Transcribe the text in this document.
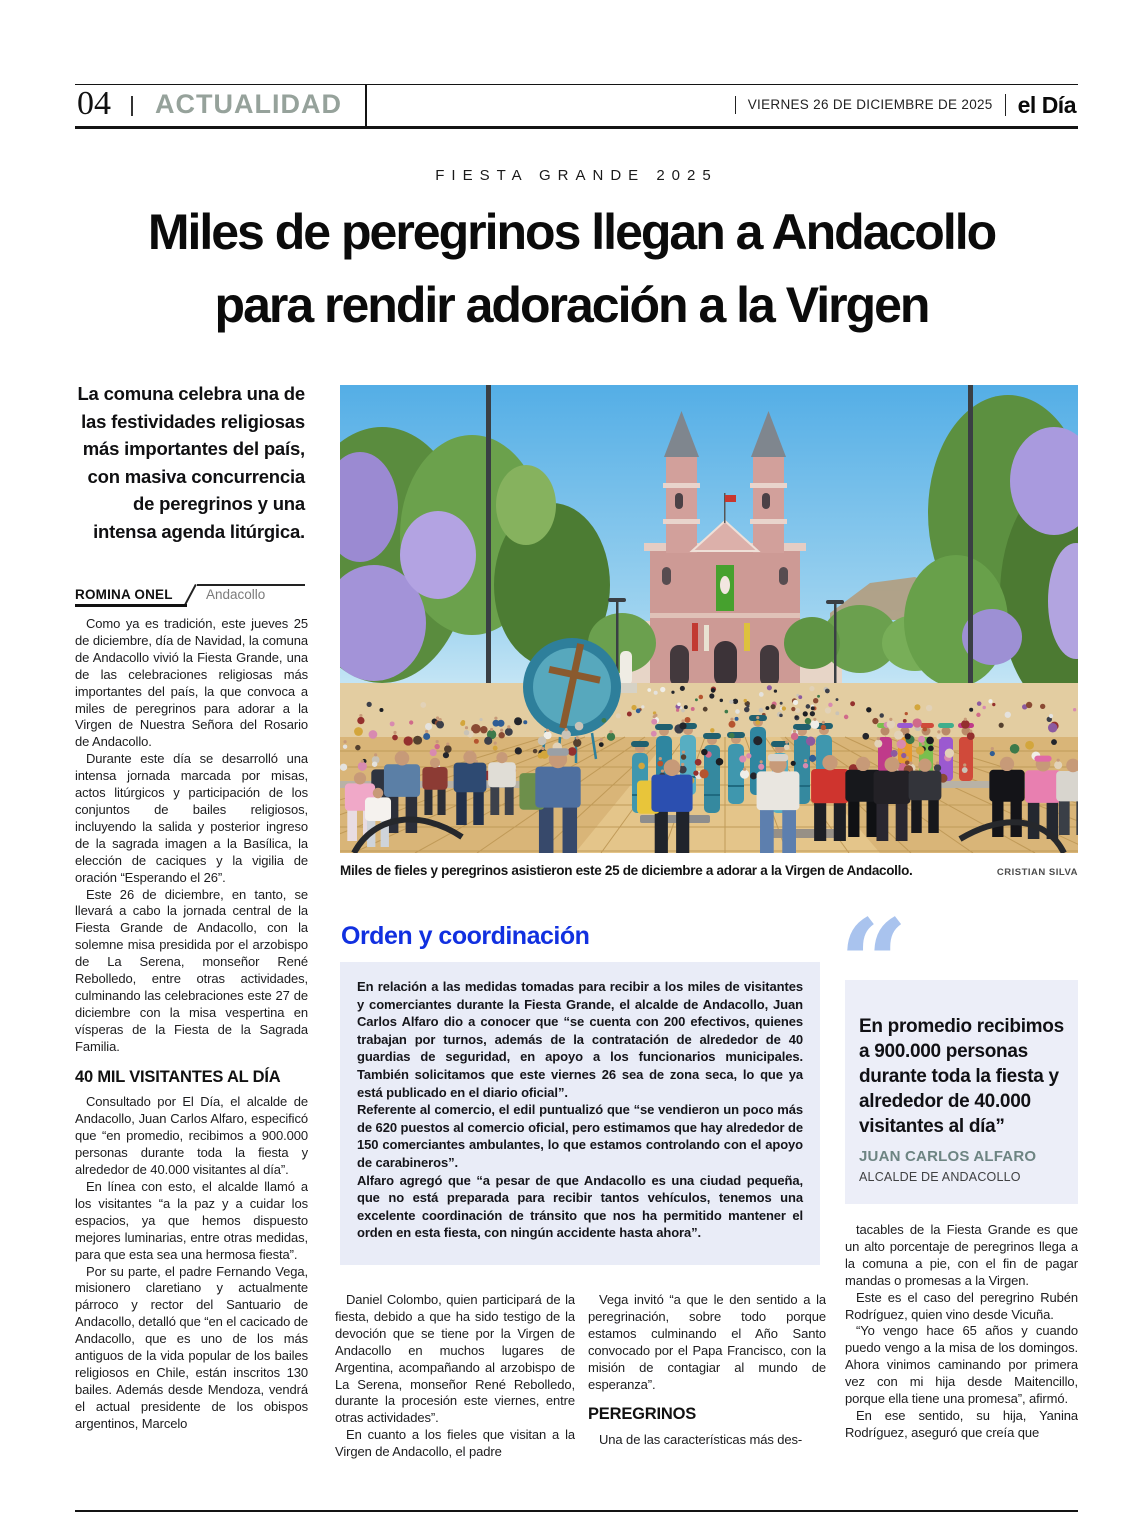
04 ACTUALIDAD	VIERNES 26 DE DICIEMBRE DE 2025	el Día
FIESTA GRANDE 2025
Miles de peregrinos llegan a Andacollo
para rendir adoración a la Virgen
La comuna celebra una de las festividades religiosas más importantes del país, con masiva concurrencia de peregrinos y una intensa agenda litúrgica.
ROMINA ONEL Andacollo

Como ya es tradición, este jueves 25 de diciembre, día de Navidad, la comuna de Andacollo vivió la Fiesta Grande, una de las celebraciones religiosas más importantes del país, la que convoca a miles de peregrinos para adorar a la Virgen de Nuestra Señora del Rosario de Andacollo.

Durante este día se desarrolló una intensa jornada marcada por misas, actos litúrgicos y participación de los conjuntos de bailes religiosos, incluyendo la salida y posterior ingreso de la sagrada imagen a la Basílica, la elección de caciques y la vigilia de oración “Esperando el 26”.

Este 26 de diciembre, en tanto, se llevará a cabo la jornada central de la Fiesta Grande de Andacollo, con la solemne misa presidida por el arzobispo de La Serena, monseñor René Rebolledo, entre otras actividades, culminando las celebraciones este 27 de diciembre con la misa vespertina en vísperas de la Fiesta de la Sagrada Familia.

40 MIL VISITANTES AL DÍA

Consultado por El Día, el alcalde de Andacollo, Juan Carlos Alfaro, especificó que “en promedio, recibimos a 900.000 personas durante toda la fiesta y alrededor de 40.000 visitantes al día”.

En línea con esto, el alcalde llamó a los visitantes “a la paz y a cuidar los espacios, ya que hemos dispuesto mejores luminarias, entre otras medidas, para que esta sea una hermosa fiesta”.

Por su parte, el padre Fernando Vega, misionero claretiano y actualmente párroco y rector del Santuario de Andacollo, detalló que “en el cacicado de Andacollo, que es uno de los más antiguos de la vida popular de los bailes religiosos en Chile, están inscritos 130 bailes. Además desde Mendoza, vendrá el actual presidente de los obispos argentinos, Marcelo

Miles de fieles y peregrinos asistieron este 25 de diciembre a adorar a la Virgen de Andacollo.	CRISTIAN SILVA
Orden y coordinación

En relación a las medidas tomadas para recibir a los miles de visitantes y comerciantes durante la Fiesta Grande, el alcalde de Andacollo, Juan Carlos Alfaro dio a conocer que “se cuenta con 200 efectivos, quienes trabajan por turnos, además de la contratación de alrededor de 40 guardias de seguridad, en apoyo a los funcionarios municipales. También solicitamos que este viernes 26 sea de zona seca, lo que ya está publicado en el diario oficial”.

Referente al comercio, el edil puntualizó que “se vendieron un poco más de 620 puestos al comercio oficial, pero estimamos que hay alrededor de 150 comerciantes ambulantes, lo que estamos controlando con el apoyo de carabineros”.

Alfaro agregó que “a pesar de que Andacollo es una ciudad pequeña, que no está preparada para recibir tantos vehículos, tenemos una excelente coordinación de tránsito que nos ha permitido mantener el orden en esta fiesta, con ningún accidente hasta ahora”.

“
En promedio recibimos a 900.000 personas durante toda la fiesta y alrededor de 40.000 visitantes al día”
JUAN CARLOS ALFARO
ALCALDE DE ANDACOLLO

tacables de la Fiesta Grande es que un alto porcentaje de peregrinos llega a la comuna a pie, con el fin de pagar mandas o promesas a la Virgen.

Este es el caso del peregrino Rubén Rodríguez, quien vino desde Vicuña.

“Yo vengo hace 65 años y cuando puedo vengo a la misa de los domingos. Ahora vinimos caminando por primera vez con mi hija desde Maitencillo, porque ella tiene una promesa”, afirmó.

En ese sentido, su hija, Yanina Rodríguez, aseguró que creía que

Daniel Colombo, quien participará de la fiesta, debido a que ha sido testigo de la devoción que se tiene por la Virgen de Andacollo en muchos lugares de Argentina, acompañando al arzobispo de La Serena, monseñor René Rebolledo, durante la procesión este viernes, entre otras actividades”.

En cuanto a los fieles que visitan a la Virgen de Andacollo, el padre

Vega invitó “a que le den sentido a la peregrinación, sobre todo porque estamos culminando el Año Santo convocado por el Papa Francisco, con la misión de contagiar al mundo de esperanza”.

PEREGRINOS

Una de las características más des-
